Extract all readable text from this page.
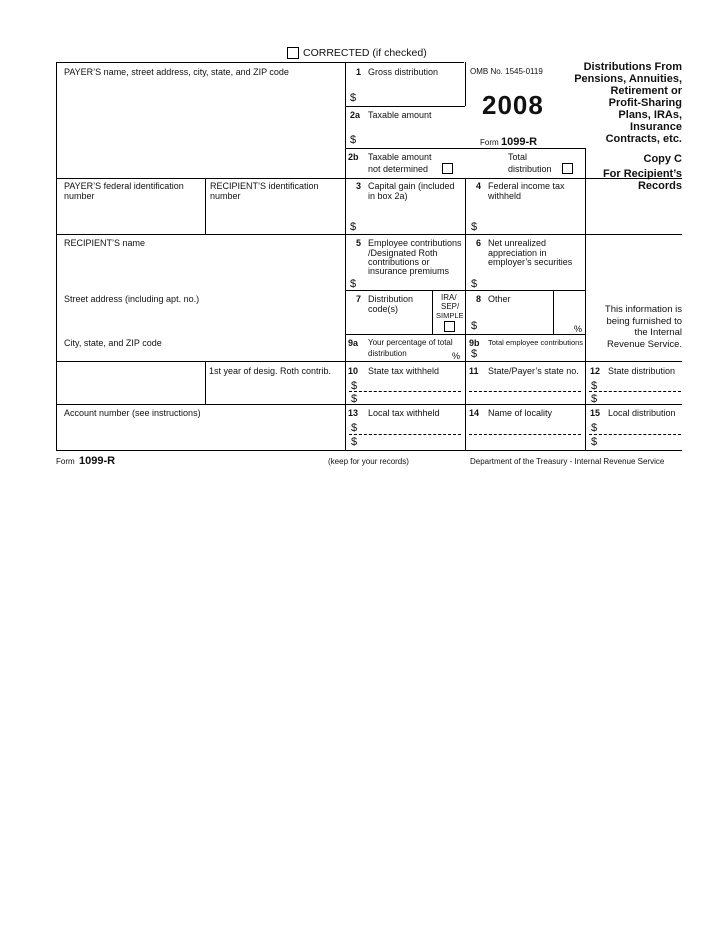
CORRECTED (if checked)
PAYER’S name, street address, city, state, and ZIP code
PAYER’S federal identification
number
RECIPIENT’S identification
number
RECIPIENT’S name
Street address (including apt. no.)
City, state, and ZIP code
1st year of desig. Roth contrib.
Account number (see instructions)
1 Gross distribution
$
OMB No. 1545-0119
2008
Form 1099-R
2a Taxable amount
$
2b Taxable amount
not determined
Total
distribution
3 Capital gain (included
in box 2a)
$
4 Federal income tax
withheld
$
5 Employee contributions
/Designated Roth
contributions or
insurance premiums
$
6 Net unrealized
appreciation in
employer’s securities
$
7 Distribution
code(s)
IRA/
SEP/
SIMPLE
8 Other
$	%
9a Your percentage of total
distribution	%
9b Total employee contributions
$
10 State tax withheld
$
$
11 State/Payer’s state no. 12 State distribution
$
$
13 Local tax withheld
$
$
14 Name of locality	15 Local distribution
$
$
Distributions From
Pensions, Annuities,
Retirement or
Profit-Sharing
Plans, IRAs,
Insurance
Contracts, etc.
Copy C
For Recipient’s
Records
This information is
being furnished to
the Internal
Revenue Service.
Form 1099-R	(keep for your records)	Department of the Treasury - Internal Revenue Service
